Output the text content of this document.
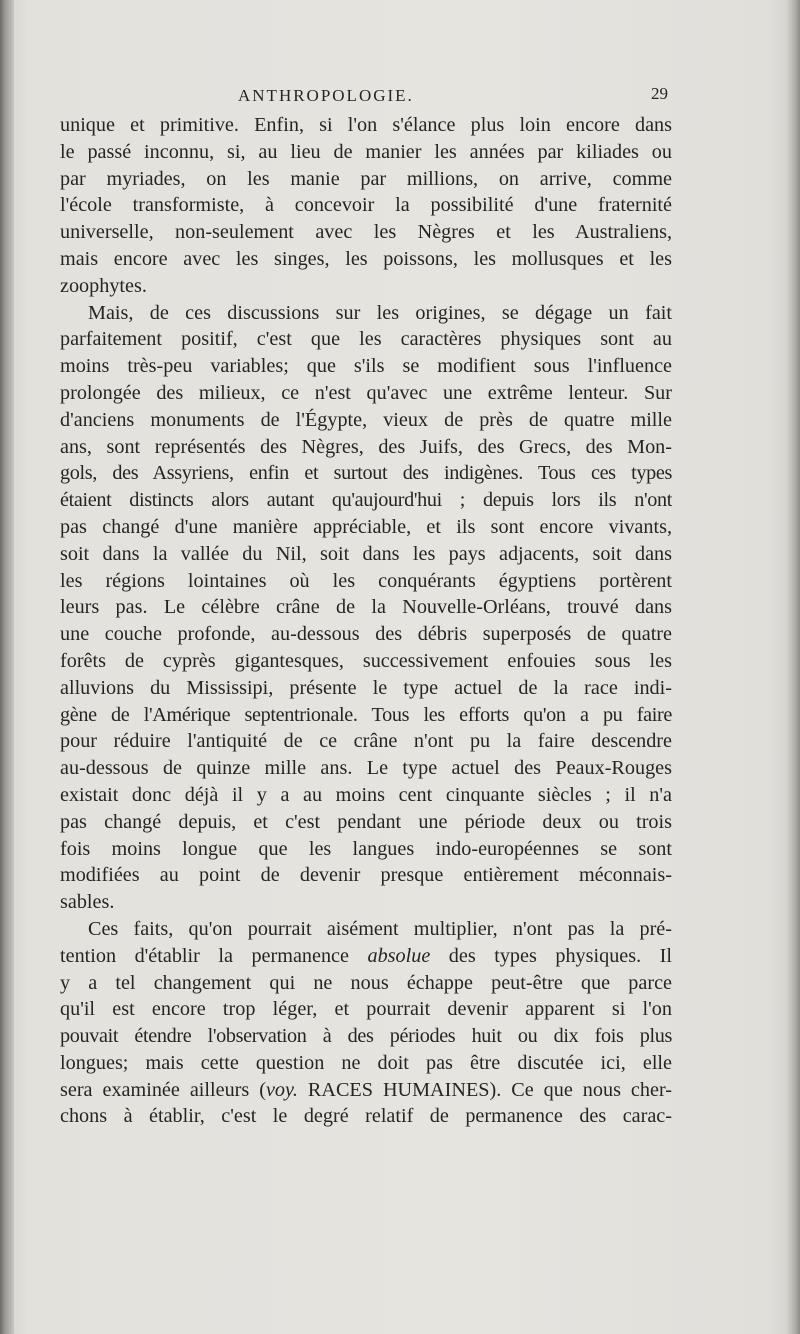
ANTHROPOLOGIE.	29
unique et primitive. Enfin, si l'on s'élance plus loin encore dans
le passé inconnu, si, au lieu de manier les années par kiliades ou
par myriades, on les manie par millions, on arrive, comme
l'école transformiste, à concevoir la possibilité d'une fraternité
universelle, non-seulement avec les Nègres et les Australiens,
mais encore avec les singes, les poissons, les mollusques et les
zoophytes.
Mais, de ces discussions sur les origines, se dégage un fait
parfaitement positif, c'est que les caractères physiques sont au
moins très-peu variables; que s'ils se modifient sous l'influence
prolongée des milieux, ce n'est qu'avec une extrême lenteur. Sur
d'anciens monuments de l'Égypte, vieux de près de quatre mille
ans, sont représentés des Nègres, des Juifs, des Grecs, des Mon-
gols, des Assyriens, enfin et surtout des indigènes. Tous ces types
étaient distincts alors autant qu'aujourd'hui ; depuis lors ils n'ont
pas changé d'une manière appréciable, et ils sont encore vivants,
soit dans la vallée du Nil, soit dans les pays adjacents, soit dans
les régions lointaines où les conquérants égyptiens portèrent
leurs pas. Le célèbre crâne de la Nouvelle-Orléans, trouvé dans
une couche profonde, au-dessous des débris superposés de quatre
forêts de cyprès gigantesques, successivement enfouies sous les
alluvions du Mississipi, présente le type actuel de la race indi-
gène de l'Amérique septentrionale. Tous les efforts qu'on a pu faire
pour réduire l'antiquité de ce crâne n'ont pu la faire descendre
au-dessous de quinze mille ans. Le type actuel des Peaux-Rouges
existait donc déjà il y a au moins cent cinquante siècles ; il n'a
pas changé depuis, et c'est pendant une période deux ou trois
fois moins longue que les langues indo-européennes se sont
modifiées au point de devenir presque entièrement méconnais-
sables.
Ces faits, qu'on pourrait aisément multiplier, n'ont pas la pré-
tention d'établir la permanence absolue des types physiques. Il
y a tel changement qui ne nous échappe peut-être que parce
qu'il est encore trop léger, et pourrait devenir apparent si l'on
pouvait étendre l'observation à des périodes huit ou dix fois plus
longues; mais cette question ne doit pas être discutée ici, elle
sera examinée ailleurs (voy. RACES HUMAINES). Ce que nous cher-
chons à établir, c'est le degré relatif de permanence des carac-
